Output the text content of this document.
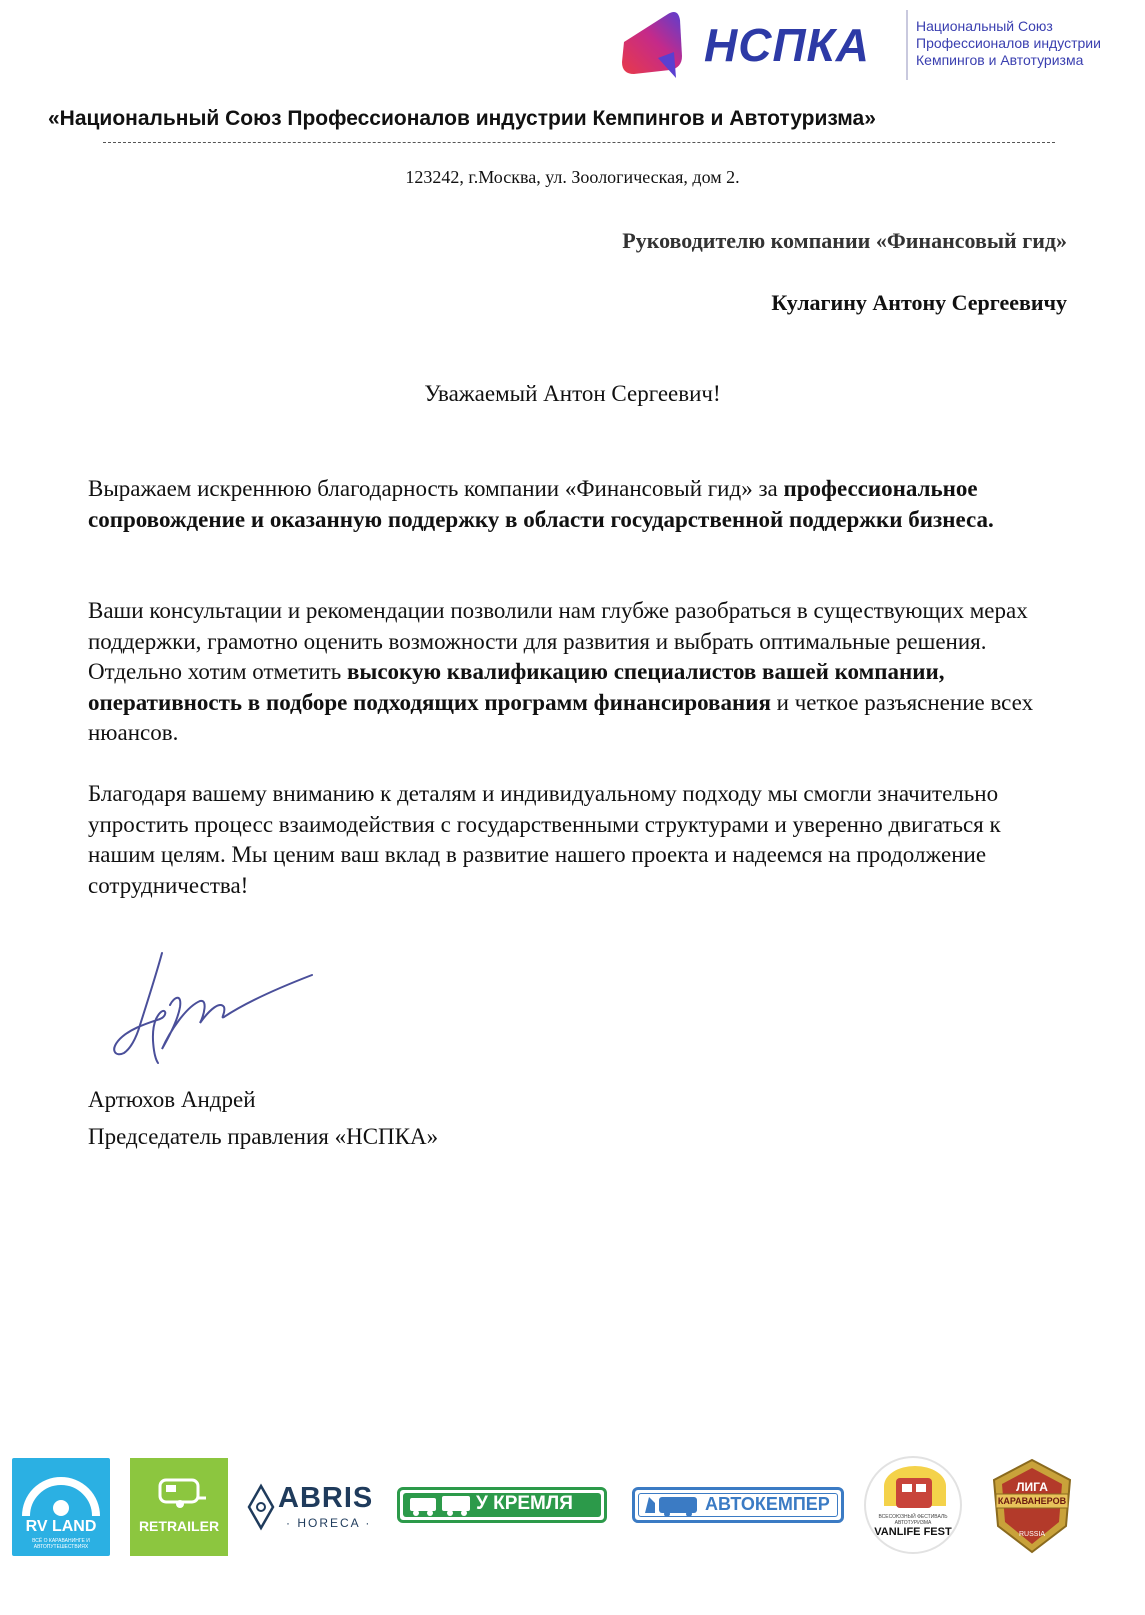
НСПКА	Национальный Союз
Профессионалов индустрии
Кемпингов и Автотуризма
«Национальный Союз Профессионалов индустрии Кемпингов и Автотуризма»
123242, г.Москва, ул. Зоологическая, дом 2.
Руководителю компании «Финансовый гид»
Кулагину Антону Сергеевичу
Уважаемый Антон Сергеевич!
Выражаем искреннюю благодарность компании «Финансовый гид» за профессиональное сопровождение и оказанную поддержку в области государственной поддержки бизнеса.
Ваши консультации и рекомендации позволили нам глубже разобраться в существующих мерах поддержки, грамотно оценить возможности для развития и выбрать оптимальные решения. Отдельно хотим отметить высокую квалификацию специалистов вашей компании, оперативность в подборе подходящих программ финансирования и четкое разъяснение всех нюансов.
Благодаря вашему вниманию к деталям и индивидуальному подходу мы смогли значительно упростить процесс взаимодействия с государственными структурами и уверенно двигаться к нашим целям. Мы ценим ваш вклад в развитие нашего проекта и надеемся на продолжение сотрудничества!
Артюхов Андрей
Председатель правления «НСПКА»
RV LAND
ВСЁ О КАРАВАНИНГЕ И АВТОПУТЕШЕСТВИЯХ
RETRAILER
ABRIS
· HORECA ·
У КРЕМЛЯ	АВТОКЕМПЕР
ВСЕСОЮЗНЫЙ ФЕСТИВАЛЬ АВТОТУРИЗМА
VANLIFE FEST
ЛИГА
КАРАВАНЕРОВ
RUSSIA
